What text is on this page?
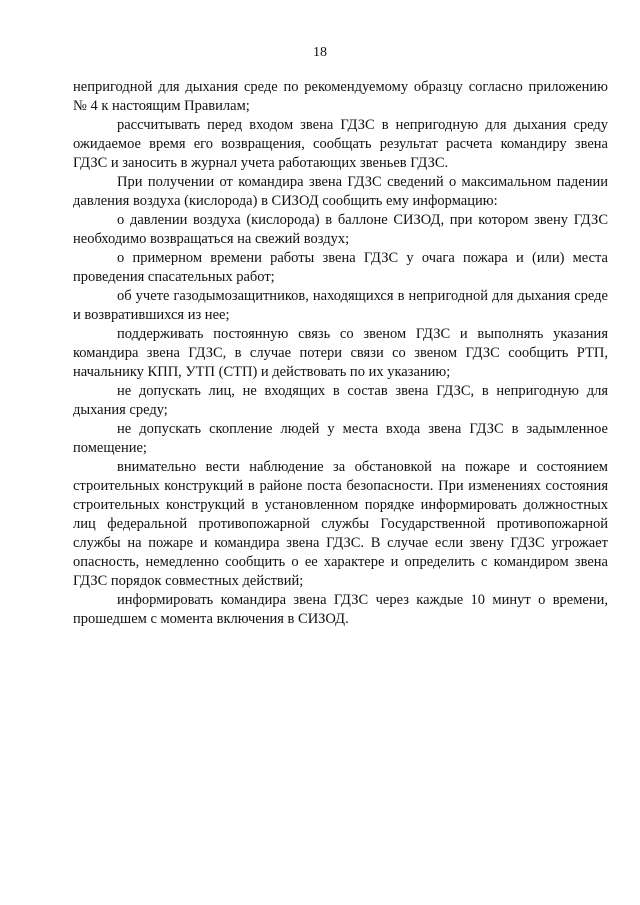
18

непригодной для дыхания среде по рекомендуемому образцу согласно приложению № 4 к настоящим Правилам;

рассчитывать перед входом звена ГДЗС в непригодную для дыхания среду ожидаемое время его возвращения, сообщать результат расчета командиру звена ГДЗС и заносить в журнал учета работающих звеньев ГДЗС.

При получении от командира звена ГДЗС сведений о максимальном падении давления воздуха (кислорода) в СИЗОД сообщить ему информацию:

о давлении воздуха (кислорода) в баллоне СИЗОД, при котором звену ГДЗС необходимо возвращаться на свежий воздух;

о примерном времени работы звена ГДЗС у очага пожара и (или) места проведения спасательных работ;

об учете газодымозащитников, находящихся в непригодной для дыхания среде и возвратившихся из нее;

поддерживать постоянную связь со звеном ГДЗС и выполнять указания командира звена ГДЗС, в случае потери связи со звеном ГДЗС сообщить РТП, начальнику КПП, УТП (СТП) и действовать по их указанию;

не допускать лиц, не входящих в состав звена ГДЗС, в непригодную для дыхания среду;

не допускать скопление людей у места входа звена ГДЗС в задымленное помещение;

внимательно вести наблюдение за обстановкой на пожаре и состоянием строительных конструкций в районе поста безопасности. При изменениях состояния строительных конструкций в установленном порядке информировать должностных лиц федеральной противопожарной службы Государственной противопожарной службы на пожаре и командира звена ГДЗС. В случае если звену ГДЗС угрожает опасность, немедленно сообщить о ее характере и определить с командиром звена ГДЗС порядок совместных действий;

информировать командира звена ГДЗС через каждые 10 минут о времени, прошедшем с момента включения в СИЗОД.
